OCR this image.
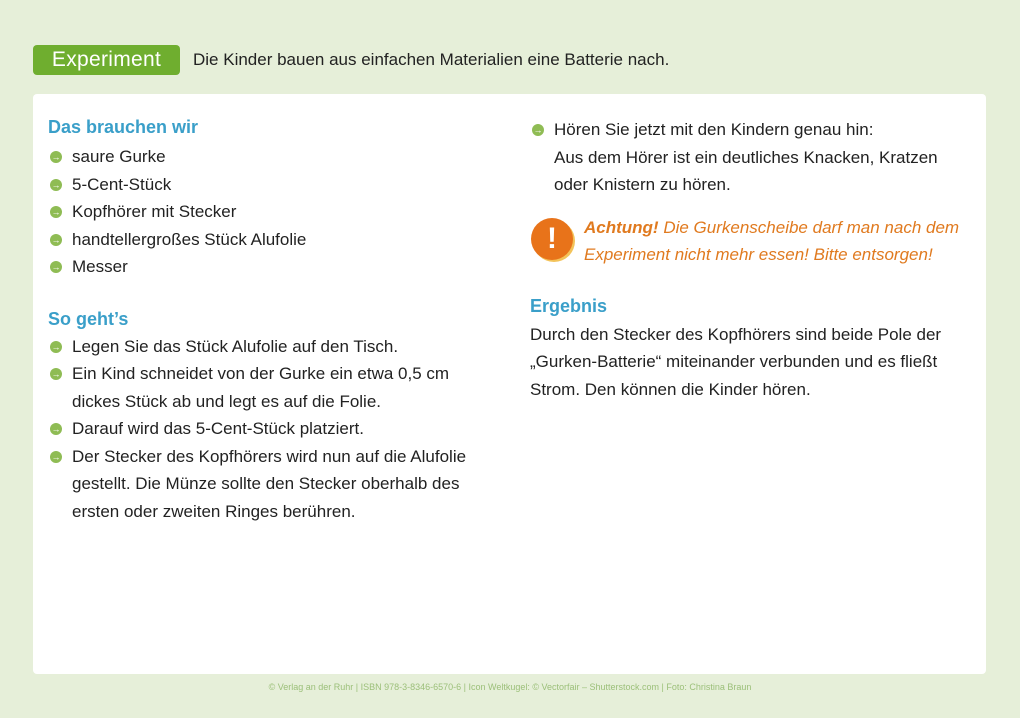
Experiment	Die Kinder bauen aus einfachen Materialien eine Batterie nach.
Das brauchen wir
→ saure Gurke
→ 5-Cent-Stück
→ Kopfhörer mit Stecker
→ handtellergroßes Stück Alufolie
→ Messer
So geht’s
→ Legen Sie das Stück Alufolie auf den Tisch.
→ Ein Kind schneidet von der Gurke ein etwa 0,5 cm dickes Stück ab und legt es auf die Folie.
→ Darauf wird das 5-Cent-Stück platziert.
→ Der Stecker des Kopfhörers wird nun auf die Alufolie gestellt. Die Münze sollte den Stecker oberhalb des ersten oder zweiten Ringes berühren.
→ Hören Sie jetzt mit den Kindern genau hin:
Aus dem Hörer ist ein deutliches Knacken, Kratzen oder Knistern zu hören.
!	Achtung! Die Gurkenscheibe darf man nach dem Experiment nicht mehr essen! Bitte entsorgen!
Ergebnis
Durch den Stecker des Kopfhörers sind beide Pole der „Gurken-Batterie“ miteinander verbunden und es fließt Strom. Den können die Kinder hören.
© Verlag an der Ruhr | ISBN 978-3-8346-6570-6 | Icon Weltkugel: © Vectorfair – Shutterstock.com | Foto: Christina Braun
